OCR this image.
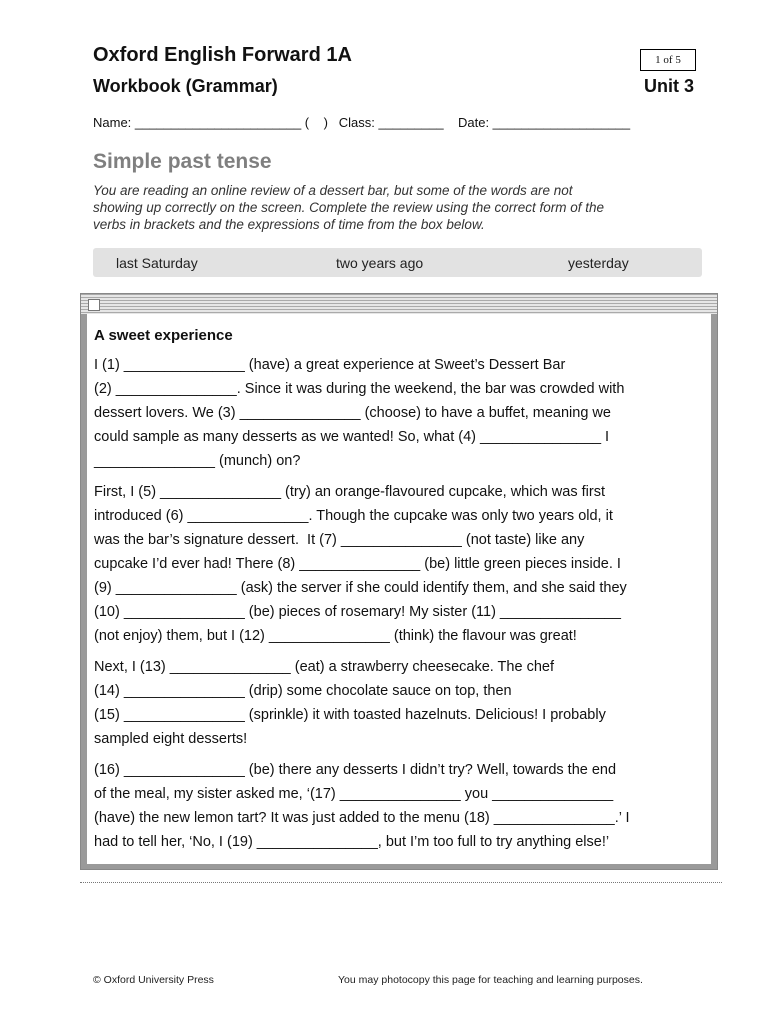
Oxford English Forward 1A
Workbook (Grammar)
1 of 5
Unit 3
Name: _______________________ (    )   Class: _________    Date: ___________________
Simple past tense
You are reading an online review of a dessert bar, but some of the words are not
showing up correctly on the screen. Complete the review using the correct form of the
verbs in brackets and the expressions of time from the box below.
last Saturday	two years ago	yesterday
A sweet experience
I (1) _______________ (have) a great experience at Sweet’s Dessert Bar
(2) _______________. Since it was during the weekend, the bar was crowded with
dessert lovers. We (3) _______________ (choose) to have a buffet, meaning we
could sample as many desserts as we wanted! So, what (4) _______________ I
_______________ (munch) on?
First, I (5) _______________ (try) an orange-flavoured cupcake, which was first
introduced (6) _______________. Though the cupcake was only two years old, it
was the bar’s signature dessert.  It (7) _______________ (not taste) like any
cupcake I’d ever had! There (8) _______________ (be) little green pieces inside. I
(9) _______________ (ask) the server if she could identify them, and she said they
(10) _______________ (be) pieces of rosemary! My sister (11) _______________
(not enjoy) them, but I (12) _______________ (think) the flavour was great!
Next, I (13) _______________ (eat) a strawberry cheesecake. The chef
(14) _______________ (drip) some chocolate sauce on top, then
(15) _______________ (sprinkle) it with toasted hazelnuts. Delicious! I probably
sampled eight desserts!
(16) _______________ (be) there any desserts I didn’t try? Well, towards the end
of the meal, my sister asked me, ‘(17) _______________ you _______________
(have) the new lemon tart? It was just added to the menu (18) _______________.’ I
had to tell her, ‘No, I (19) _______________, but I’m too full to try anything else!’
© Oxford University Press	You may photocopy this page for teaching and learning purposes.
